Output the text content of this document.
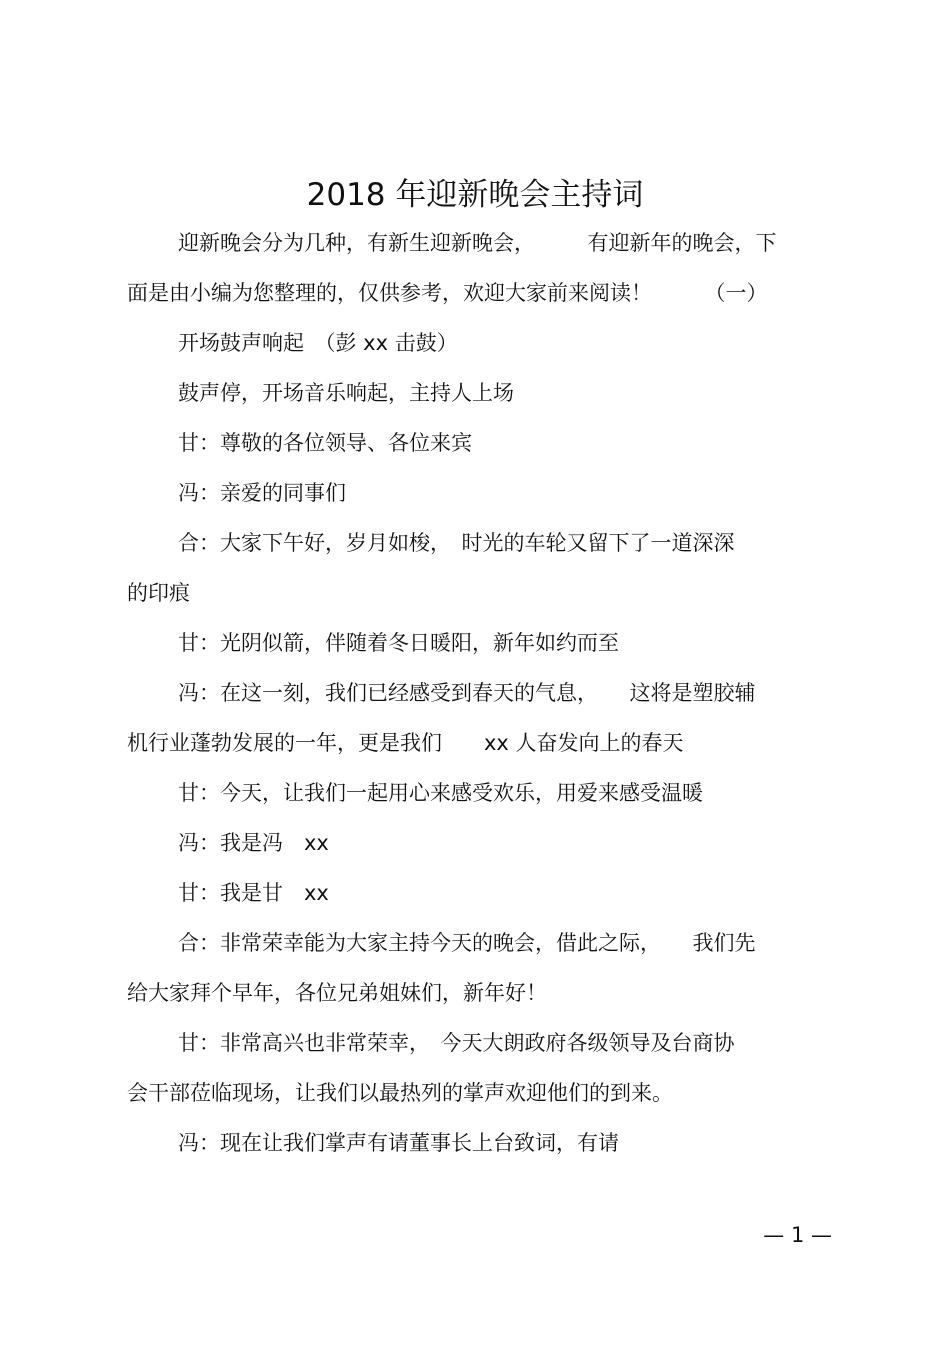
2018 年迎新晚会主持词
迎新晚会分为几种，有新生迎新晚会，　　　有迎新年的晚会，下
面是由小编为您整理的，仅供参考，欢迎大家前来阅读！　　　（一）
开场鼓声响起　（彭 xx 击鼓）
鼓声停，开场音乐响起，主持人上场
甘：尊敬的各位领导、各位来宾
冯：亲爱的同事们
合：大家下午好，岁月如梭，　时光的车轮又留下了一道深深
的印痕
甘：光阴似箭，伴随着冬日暖阳，新年如约而至
冯：在这一刻，我们已经感受到春天的气息，　　这将是塑胶辅
机行业蓬勃发展的一年，更是我们　　xx 人奋发向上的春天
甘：今天，让我们一起用心来感受欢乐，用爱来感受温暖
冯：我是冯　xx
甘：我是甘　xx
合：非常荣幸能为大家主持今天的晚会，借此之际，　　我们先
给大家拜个早年，各位兄弟姐妹们，新年好！
甘：非常高兴也非常荣幸，　今天大朗政府各级领导及台商协
会干部莅临现场，让我们以最热列的掌声欢迎他们的到来。
冯：现在让我们掌声有请董事长上台致词，有请
— 1 —
